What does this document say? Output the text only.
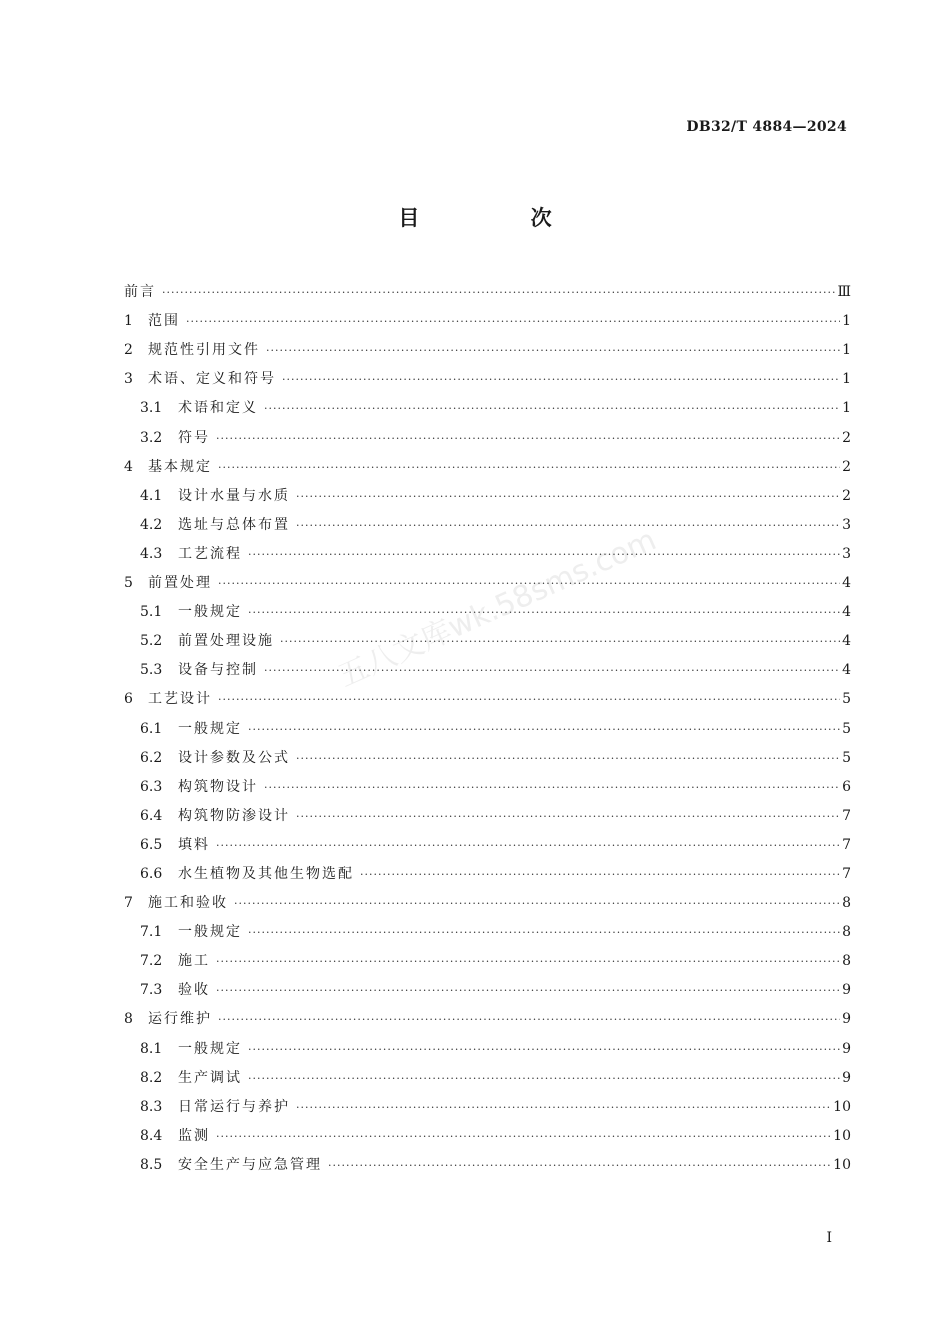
DB32/T 4884—2024
目 次
前言 ·····	Ⅲ
1	范围 ·····	1
2	规范性引用文件 ·····	1
3	术语、定义和符号 ·····	1
3.1	术语和定义 ·····	1
3.2	符号 ·····	2
4	基本规定 ·····	2
4.1	设计水量与水质 ·····	2
4.2	选址与总体布置 ·····	3
4.3	工艺流程 ·····	3
5	前置处理 ·····	4
5.1	一般规定 ·····	4
5.2	前置处理设施 ·····	4
5.3	设备与控制 ·····	4
6	工艺设计 ·····	5
6.1	一般规定 ·····	5
6.2	设计参数及公式 ·····	5
6.3	构筑物设计 ·····	6
6.4	构筑物防渗设计 ·····	7
6.5	填料 ·····	7
6.6	水生植物及其他生物选配 ·····	7
7	施工和验收 ·····	8
7.1	一般规定 ·····	8
7.2	施工 ·····	8
7.3	验收 ·····	9
8	运行维护 ·····	9
8.1	一般规定 ·····	9
8.2	生产调试 ·····	9
8.3	日常运行与养护 ·····	10
8.4	监测 ·····	10
8.5	安全生产与应急管理 ·····	10
五八文库wk.58sms.com
I
